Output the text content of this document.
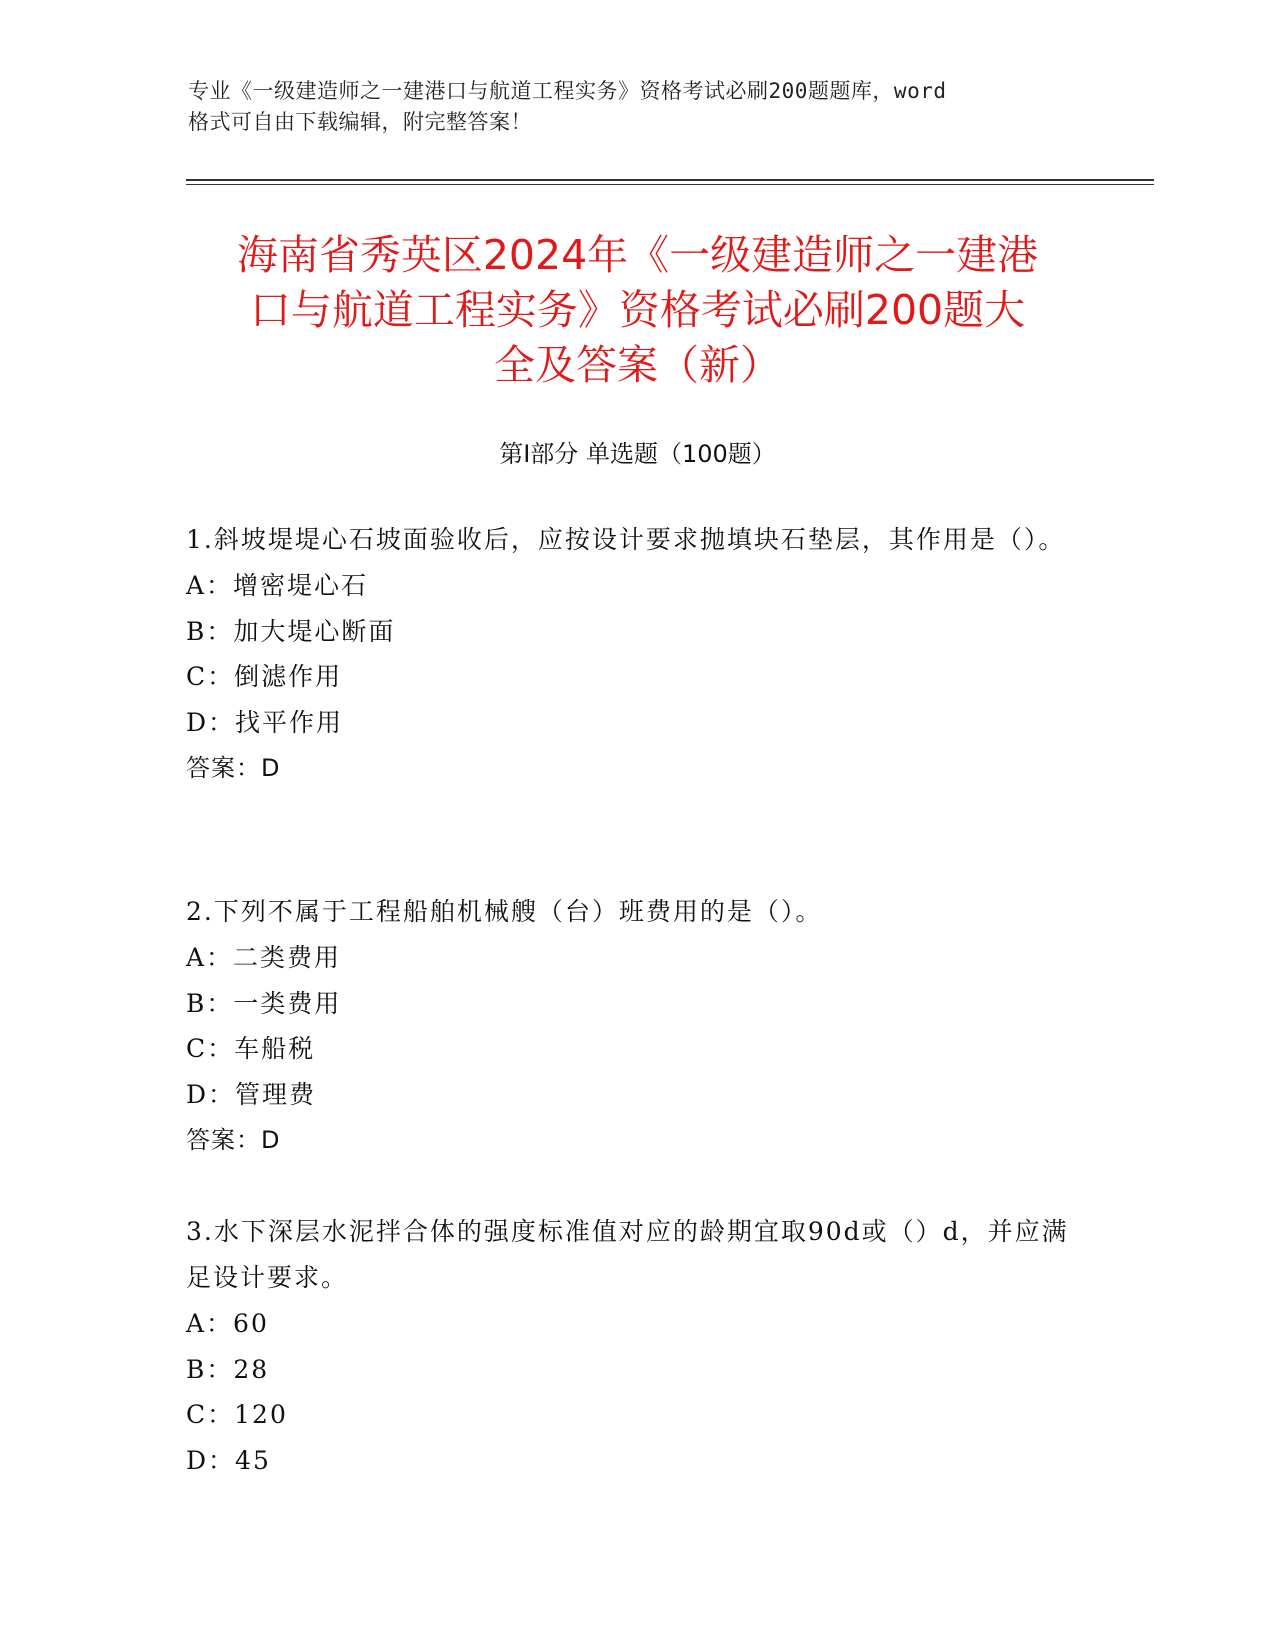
专业《一级建造师之一建港口与航道工程实务》资格考试必刷200题题库，word
格式可自由下载编辑，附完整答案！
海南省秀英区2024年《一级建造师之一建港
口与航道工程实务》资格考试必刷200题大
全及答案（新）
第Ⅰ部分 单选题（100题）

1.斜坡堤堤心石坡面验收后，应按设计要求抛填块石垫层，其作用是（）。

A：增密堤心石

B：加大堤心断面

C：倒滤作用

D：找平作用

答案：D

2.下列不属于工程船舶机械艘（台）班费用的是（）。

A：二类费用

B：一类费用

C：车船税

D：管理费

答案：D

3.水下深层水泥拌合体的强度标准值对应的龄期宜取90d或（）d，并应满足设计要求。

A：60

B：28

C：120

D：45
